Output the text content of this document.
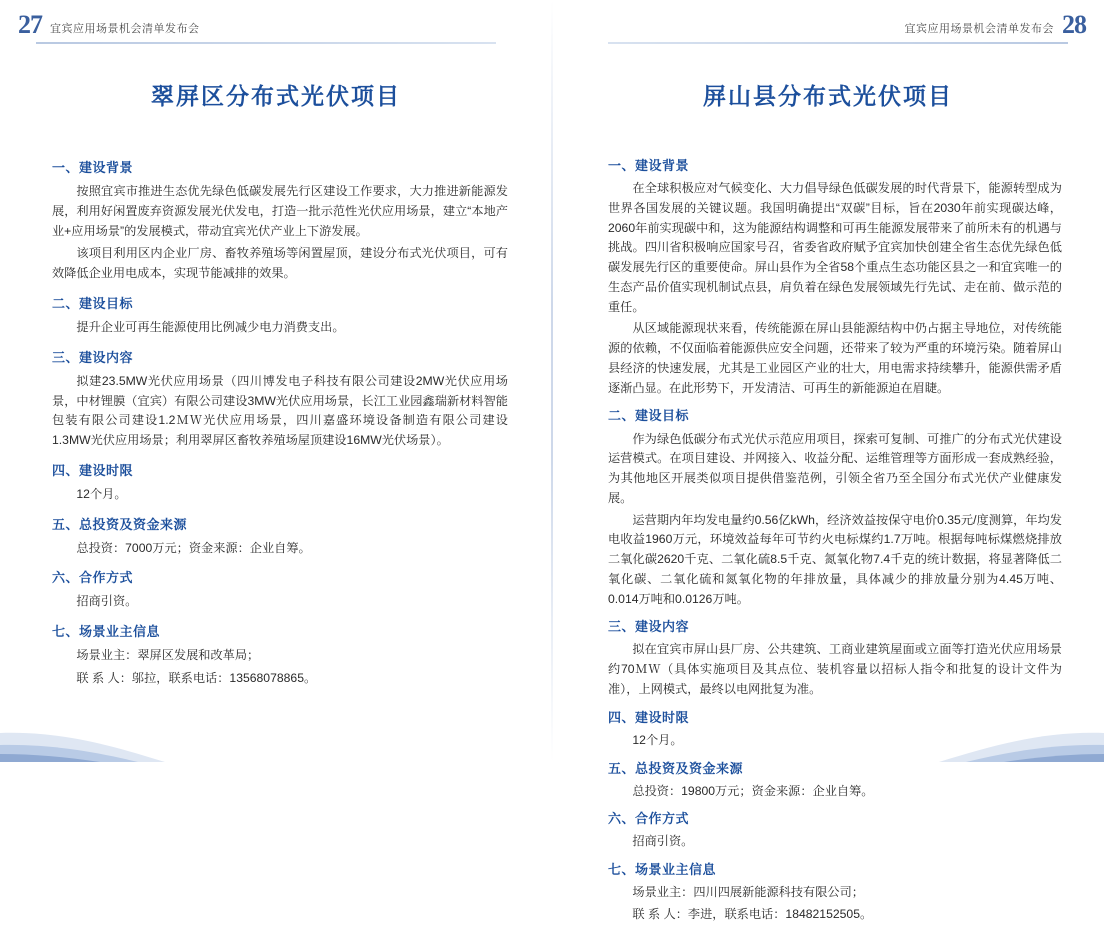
27 宜宾应用场景机会清单发布会
翠屏区分布式光伏项目
一、建设背景

按照宜宾市推进生态优先绿色低碳发展先行区建设工作要求，大力推进新能源发展，利用好闲置废弃资源发展光伏发电，打造一批示范性光伏应用场景，建立“本地产业+应用场景”的发展模式，带动宜宾光伏产业上下游发展。

该项目利用区内企业厂房、畜牧养殖场等闲置屋顶，建设分布式光伏项目，可有效降低企业用电成本，实现节能减排的效果。

二、建设目标

提升企业可再生能源使用比例减少电力消费支出。

三、建设内容

拟建23.5MW光伏应用场景（四川博发电子科技有限公司建设2MW光伏应用场景，中材锂膜（宜宾）有限公司建设3MW光伏应用场景，长江工业园鑫瑞新材料智能包装有限公司建设1.2ＭＷ光伏应用场景，四川嘉盛环境设备制造有限公司建设1.3MW光伏应用场景；利用翠屏区畜牧养殖场屋顶建设16MW光伏场景）。

四、建设时限

12个月。

五、总投资及资金来源

总投资：7000万元；资金来源：企业自筹。

六、合作方式

招商引资。

七、场景业主信息

场景业主：翠屏区发展和改革局；

联 系 人：邬拉，联系电话：13568078865。

宜宾应用场景机会清单发布会 28
屏山县分布式光伏项目
一、建设背景

在全球积极应对气候变化、大力倡导绿色低碳发展的时代背景下，能源转型成为世界各国发展的关键议题。我国明确提出“双碳”目标，旨在2030年前实现碳达峰，2060年前实现碳中和，这为能源结构调整和可再生能源发展带来了前所未有的机遇与挑战。四川省积极响应国家号召，省委省政府赋予宜宾加快创建全省生态优先绿色低碳发展先行区的重要使命。屏山县作为全省58个重点生态功能区县之一和宜宾唯一的生态产品价值实现机制试点县，肩负着在绿色发展领域先行先试、走在前、做示范的重任。

从区域能源现状来看，传统能源在屏山县能源结构中仍占据主导地位，对传统能源的依赖，不仅面临着能源供应安全问题，还带来了较为严重的环境污染。随着屏山县经济的快速发展，尤其是工业园区产业的壮大，用电需求持续攀升，能源供需矛盾逐渐凸显。在此形势下，开发清洁、可再生的新能源迫在眉睫。

二、建设目标

作为绿色低碳分布式光伏示范应用项目，探索可复制、可推广的分布式光伏建设运营模式。在项目建设、并网接入、收益分配、运维管理等方面形成一套成熟经验，为其他地区开展类似项目提供借鉴范例，引领全省乃至全国分布式光伏产业健康发展。

运营期内年均发电量约0.56亿kWh，经济效益按保守电价0.35元/度测算，年均发电收益1960万元，环境效益每年可节约火电标煤约1.7万吨。根据每吨标煤燃烧排放二氧化碳2620千克、二氧化硫8.5千克、氮氧化物7.4千克的统计数据，将显著降低二氧化碳、二氧化硫和氮氧化物的年排放量，具体减少的排放量分别为4.45万吨、0.014万吨和0.0126万吨。

三、建设内容

拟在宜宾市屏山县厂房、公共建筑、工商业建筑屋面或立面等打造光伏应用场景约70ＭＷ（具体实施项目及其点位、装机容量以招标人指令和批复的设计文件为准），上网模式，最终以电网批复为准。

四、建设时限

12个月。

五、总投资及资金来源

总投资：19800万元；资金来源：企业自筹。

六、合作方式

招商引资。

七、场景业主信息

场景业主：四川四展新能源科技有限公司；

联 系 人：李进，联系电话：18482152505。
